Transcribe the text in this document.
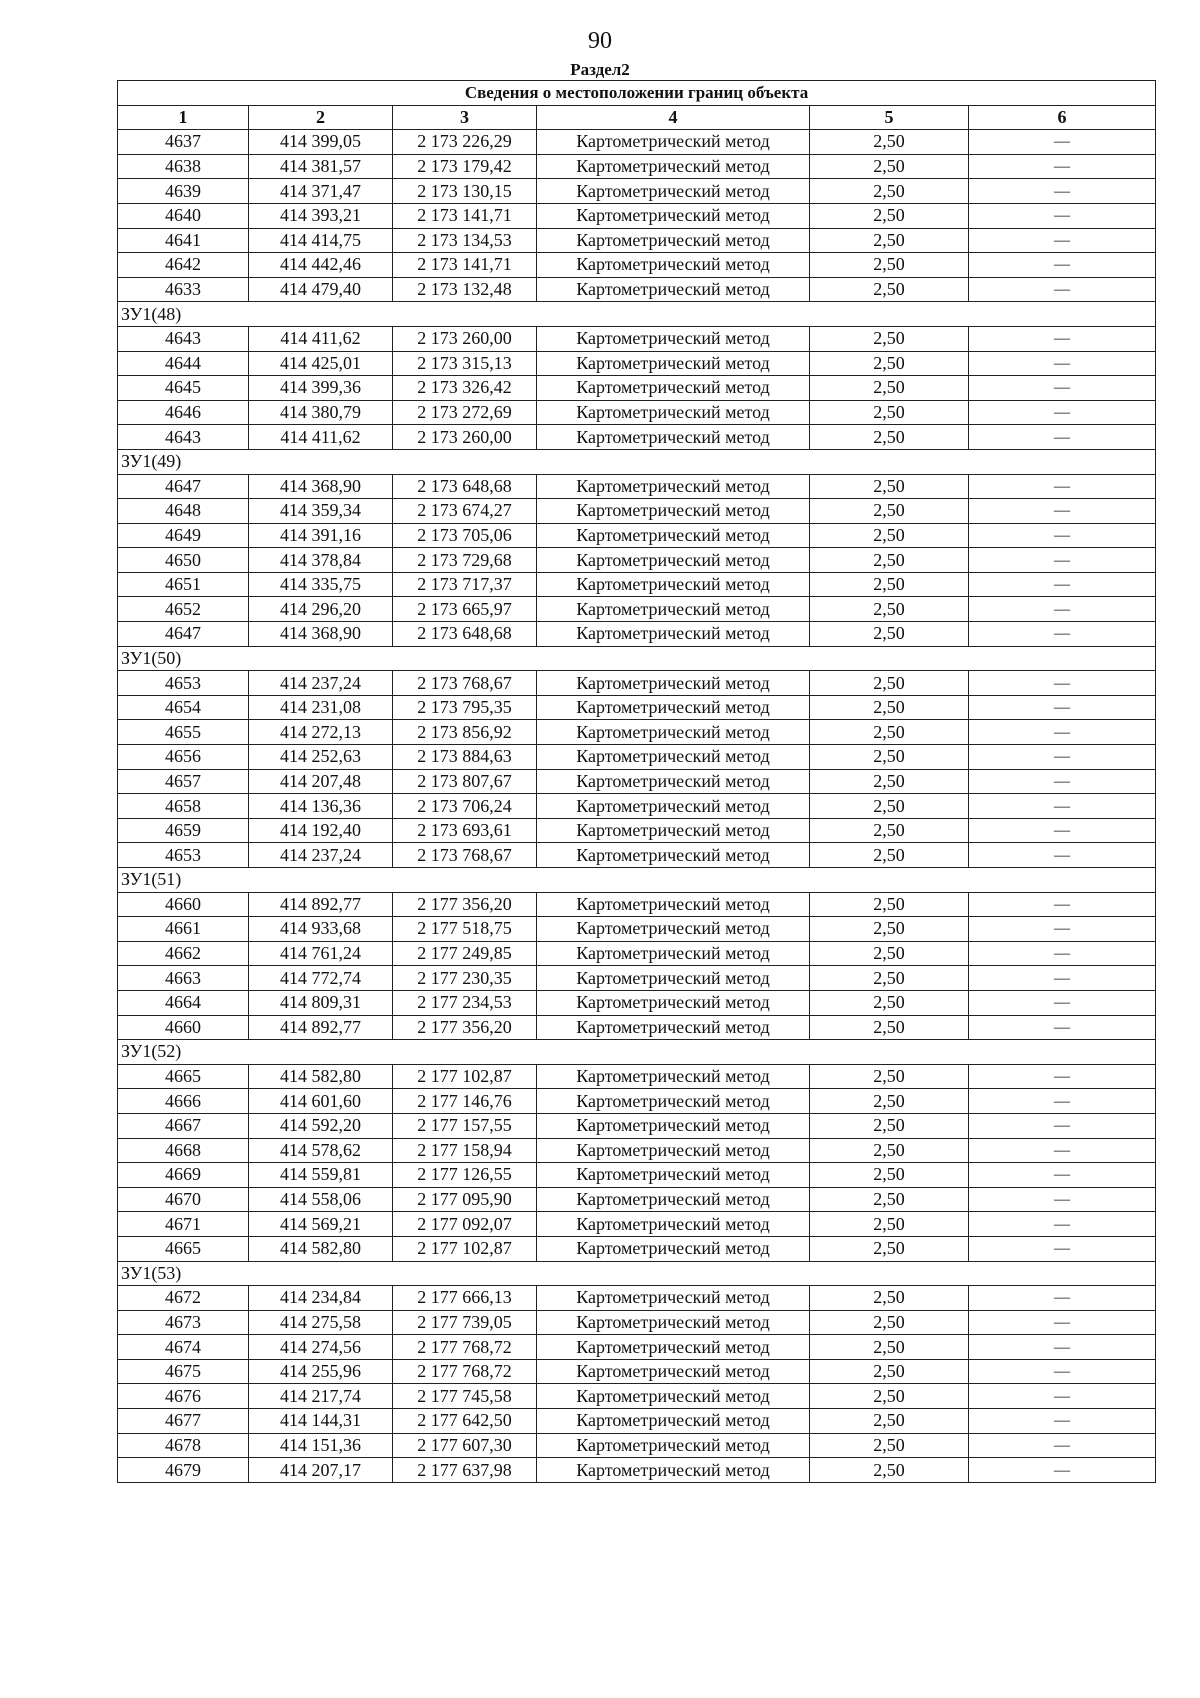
90
Раздел2
Сведения о местоположении границ объекта					
1	2	3	4	5	6
4637	414 399,05	2 173 226,29	Картометрический метод	2,50	—
4638	414 381,57	2 173 179,42	Картометрический метод	2,50	—
4639	414 371,47	2 173 130,15	Картометрический метод	2,50	—
4640	414 393,21	2 173 141,71	Картометрический метод	2,50	—
4641	414 414,75	2 173 134,53	Картометрический метод	2,50	—
4642	414 442,46	2 173 141,71	Картометрический метод	2,50	—
4633	414 479,40	2 173 132,48	Картометрический метод	2,50	—
ЗУ1(48)					
4643	414 411,62	2 173 260,00	Картометрический метод	2,50	—
4644	414 425,01	2 173 315,13	Картометрический метод	2,50	—
4645	414 399,36	2 173 326,42	Картометрический метод	2,50	—
4646	414 380,79	2 173 272,69	Картометрический метод	2,50	—
4643	414 411,62	2 173 260,00	Картометрический метод	2,50	—
ЗУ1(49)					
4647	414 368,90	2 173 648,68	Картометрический метод	2,50	—
4648	414 359,34	2 173 674,27	Картометрический метод	2,50	—
4649	414 391,16	2 173 705,06	Картометрический метод	2,50	—
4650	414 378,84	2 173 729,68	Картометрический метод	2,50	—
4651	414 335,75	2 173 717,37	Картометрический метод	2,50	—
4652	414 296,20	2 173 665,97	Картометрический метод	2,50	—
4647	414 368,90	2 173 648,68	Картометрический метод	2,50	—
ЗУ1(50)					
4653	414 237,24	2 173 768,67	Картометрический метод	2,50	—
4654	414 231,08	2 173 795,35	Картометрический метод	2,50	—
4655	414 272,13	2 173 856,92	Картометрический метод	2,50	—
4656	414 252,63	2 173 884,63	Картометрический метод	2,50	—
4657	414 207,48	2 173 807,67	Картометрический метод	2,50	—
4658	414 136,36	2 173 706,24	Картометрический метод	2,50	—
4659	414 192,40	2 173 693,61	Картометрический метод	2,50	—
4653	414 237,24	2 173 768,67	Картометрический метод	2,50	—
ЗУ1(51)					
4660	414 892,77	2 177 356,20	Картометрический метод	2,50	—
4661	414 933,68	2 177 518,75	Картометрический метод	2,50	—
4662	414 761,24	2 177 249,85	Картометрический метод	2,50	—
4663	414 772,74	2 177 230,35	Картометрический метод	2,50	—
4664	414 809,31	2 177 234,53	Картометрический метод	2,50	—
4660	414 892,77	2 177 356,20	Картометрический метод	2,50	—
ЗУ1(52)					
4665	414 582,80	2 177 102,87	Картометрический метод	2,50	—
4666	414 601,60	2 177 146,76	Картометрический метод	2,50	—
4667	414 592,20	2 177 157,55	Картометрический метод	2,50	—
4668	414 578,62	2 177 158,94	Картометрический метод	2,50	—
4669	414 559,81	2 177 126,55	Картометрический метод	2,50	—
4670	414 558,06	2 177 095,90	Картометрический метод	2,50	—
4671	414 569,21	2 177 092,07	Картометрический метод	2,50	—
4665	414 582,80	2 177 102,87	Картометрический метод	2,50	—
ЗУ1(53)					
4672	414 234,84	2 177 666,13	Картометрический метод	2,50	—
4673	414 275,58	2 177 739,05	Картометрический метод	2,50	—
4674	414 274,56	2 177 768,72	Картометрический метод	2,50	—
4675	414 255,96	2 177 768,72	Картометрический метод	2,50	—
4676	414 217,74	2 177 745,58	Картометрический метод	2,50	—
4677	414 144,31	2 177 642,50	Картометрический метод	2,50	—
4678	414 151,36	2 177 607,30	Картометрический метод	2,50	—
4679	414 207,17	2 177 637,98	Картометрический метод	2,50	—
